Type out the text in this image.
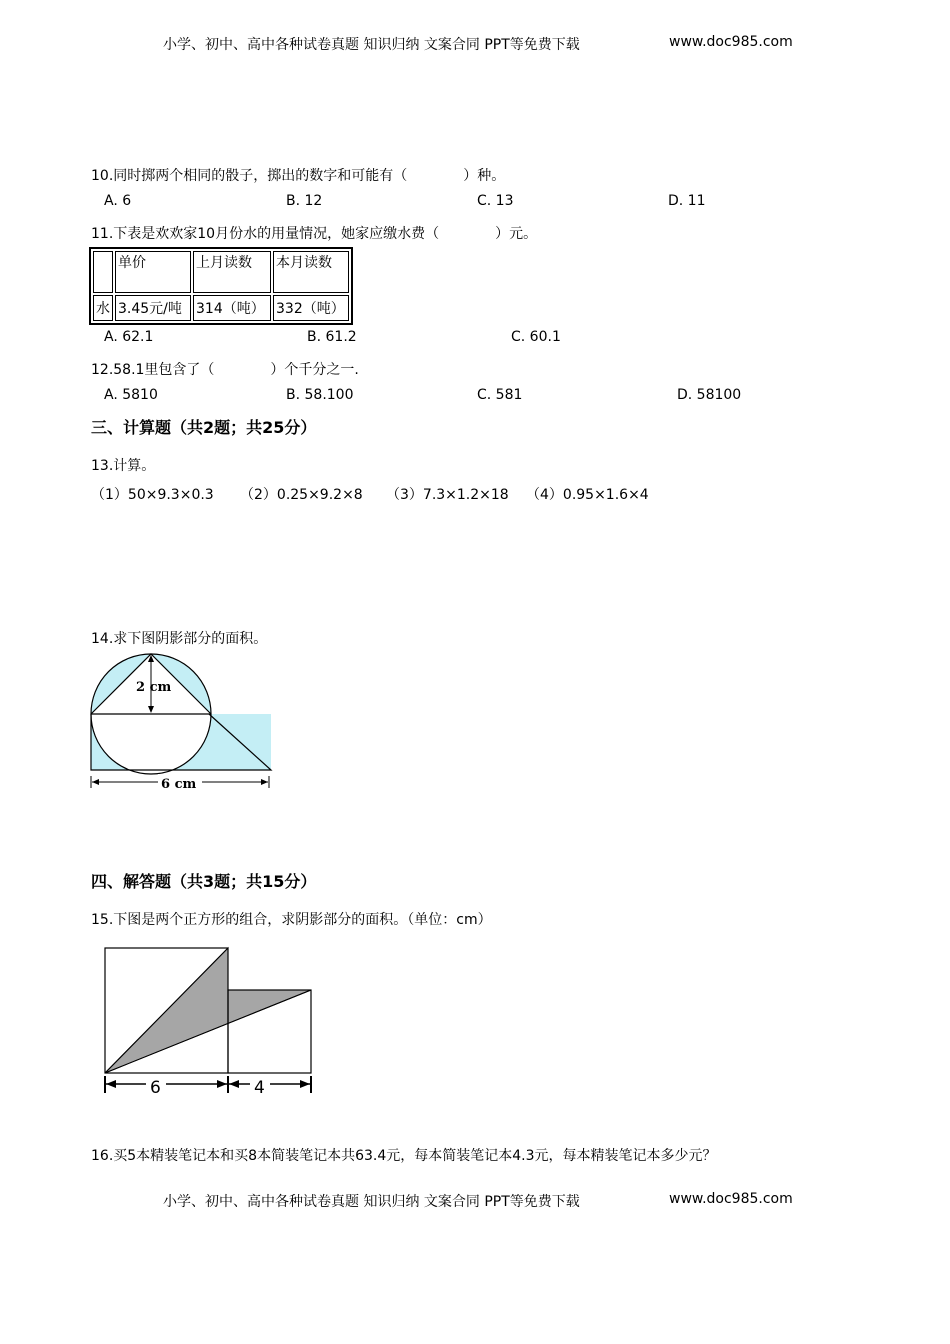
小学、初中、高中各种试卷真题 知识归纳 文案合同 PPT等免费下载	www.doc985.com
10.同时掷两个相同的骰子，掷出的数字和可能有（　　　　）种。
A. 6	B. 12	C. 13	D. 11
11.下表是欢欢家10月份水的用量情况，她家应缴水费（　　　　）元。
	单价	上月读数	本月读数
水	3.45元/吨	314（吨）	332（吨）
A. 62.1	B. 61.2	C. 60.1
12.58.1里包含了（　　　　）个千分之一.
A. 5810	B. 58.100	C. 581	D. 58100
三、计算题（共2题；共25分）
13.计算。
（1）50×9.3×0.3 （2）0.25×9.2×8 （3）7.3×1.2×18 （4）0.95×1.6×4
14.求下图阴影部分的面积。
2 cm
6 cm
四、解答题（共3题；共15分）
15.下图是两个正方形的组合，求阴影部分的面积。（单位：cm）
6	4
16.买5本精装笔记本和买8本简装笔记本共63.4元，每本简装笔记本4.3元，每本精装笔记本多少元？
小学、初中、高中各种试卷真题 知识归纳 文案合同 PPT等免费下载	www.doc985.com
